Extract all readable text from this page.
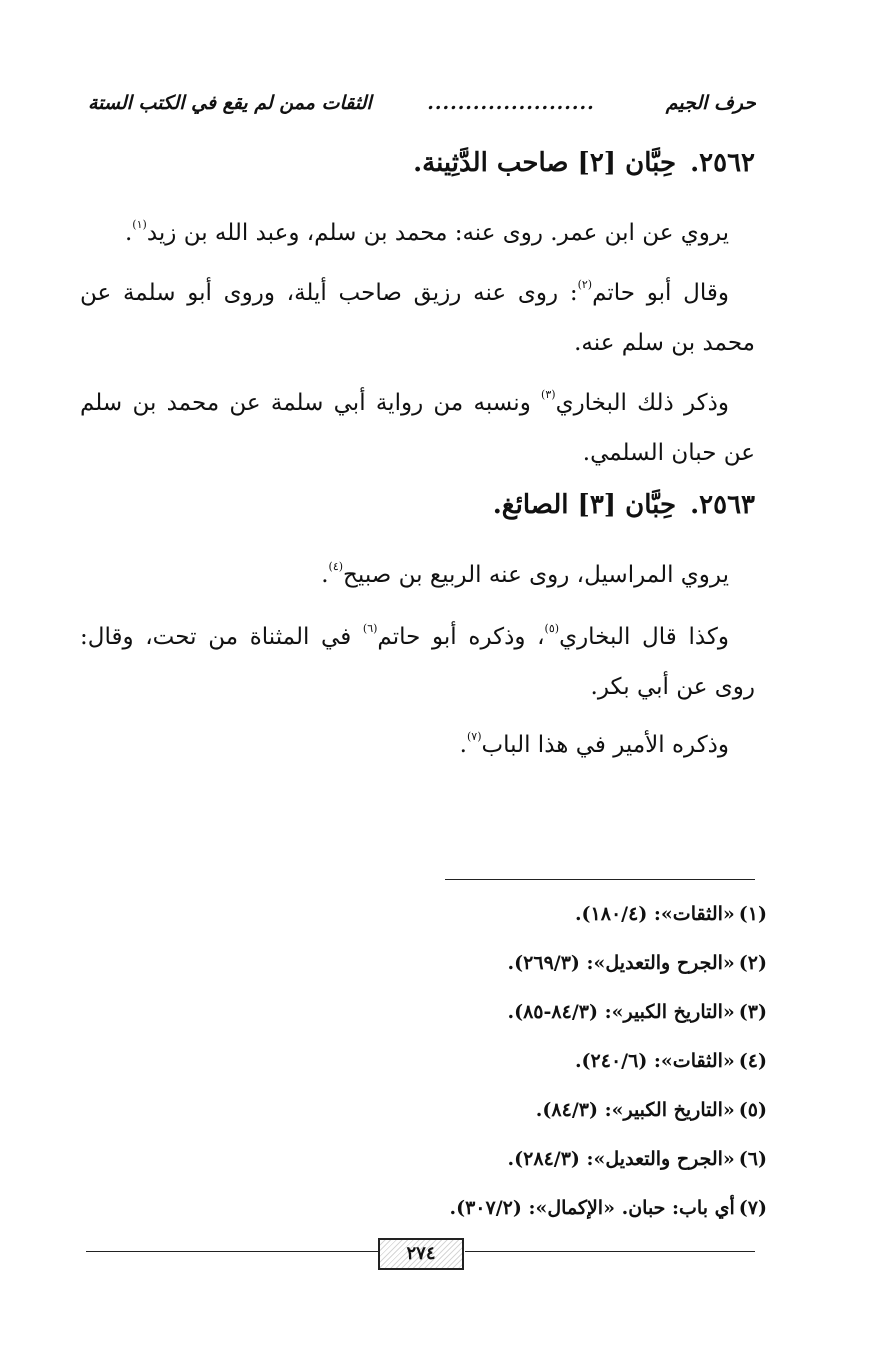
حرف الجيم
......................
الثقات ممن لم يقع في الكتب الستة
٢٥٦٢.حِبَّان [٢] صاحب الدَّثِينة.
يروي عن ابن عمر. روى عنه: محمد بن سلم، وعبد الله بن زيد$^{(١)}$.
وقال أبو حاتم$^{(٢)}$: روى عنه رزيق صاحب أيلة، وروى أبو سلمة عن محمد بن سلم عنه.
وذكر ذلك البخاري$^{(٣)}$ ونسبه من رواية أبي سلمة عن محمد بن سلم عن حبان السلمي.
٢٥٦٣.حِبَّان [٣] الصائغ.
يروي المراسيل، روى عنه الربيع بن صبيح$^{(٤)}$.
وكذا قال البخاري$^{(٥)}$، وذكره أبو حاتم$^{(٦)}$ في المثناة من تحت، وقال: روى عن أبي بكر.
وذكره الأمير في هذا الباب$^{(٧)}$.
(١)«الثقات»: (١٨٠/٤).
(٢)«الجرح والتعديل»: (٢٦٩/٣).
(٣)«التاريخ الكبير»: (٨٤/٣-٨٥).
(٤)«الثقات»: (٢٤٠/٦).
(٥)«التاريخ الكبير»: (٨٤/٣).
(٦)«الجرح والتعديل»: (٢٨٤/٣).
(٧)أي باب: حبان. «الإكمال»: (٣٠٧/٢).
٢٧٤
